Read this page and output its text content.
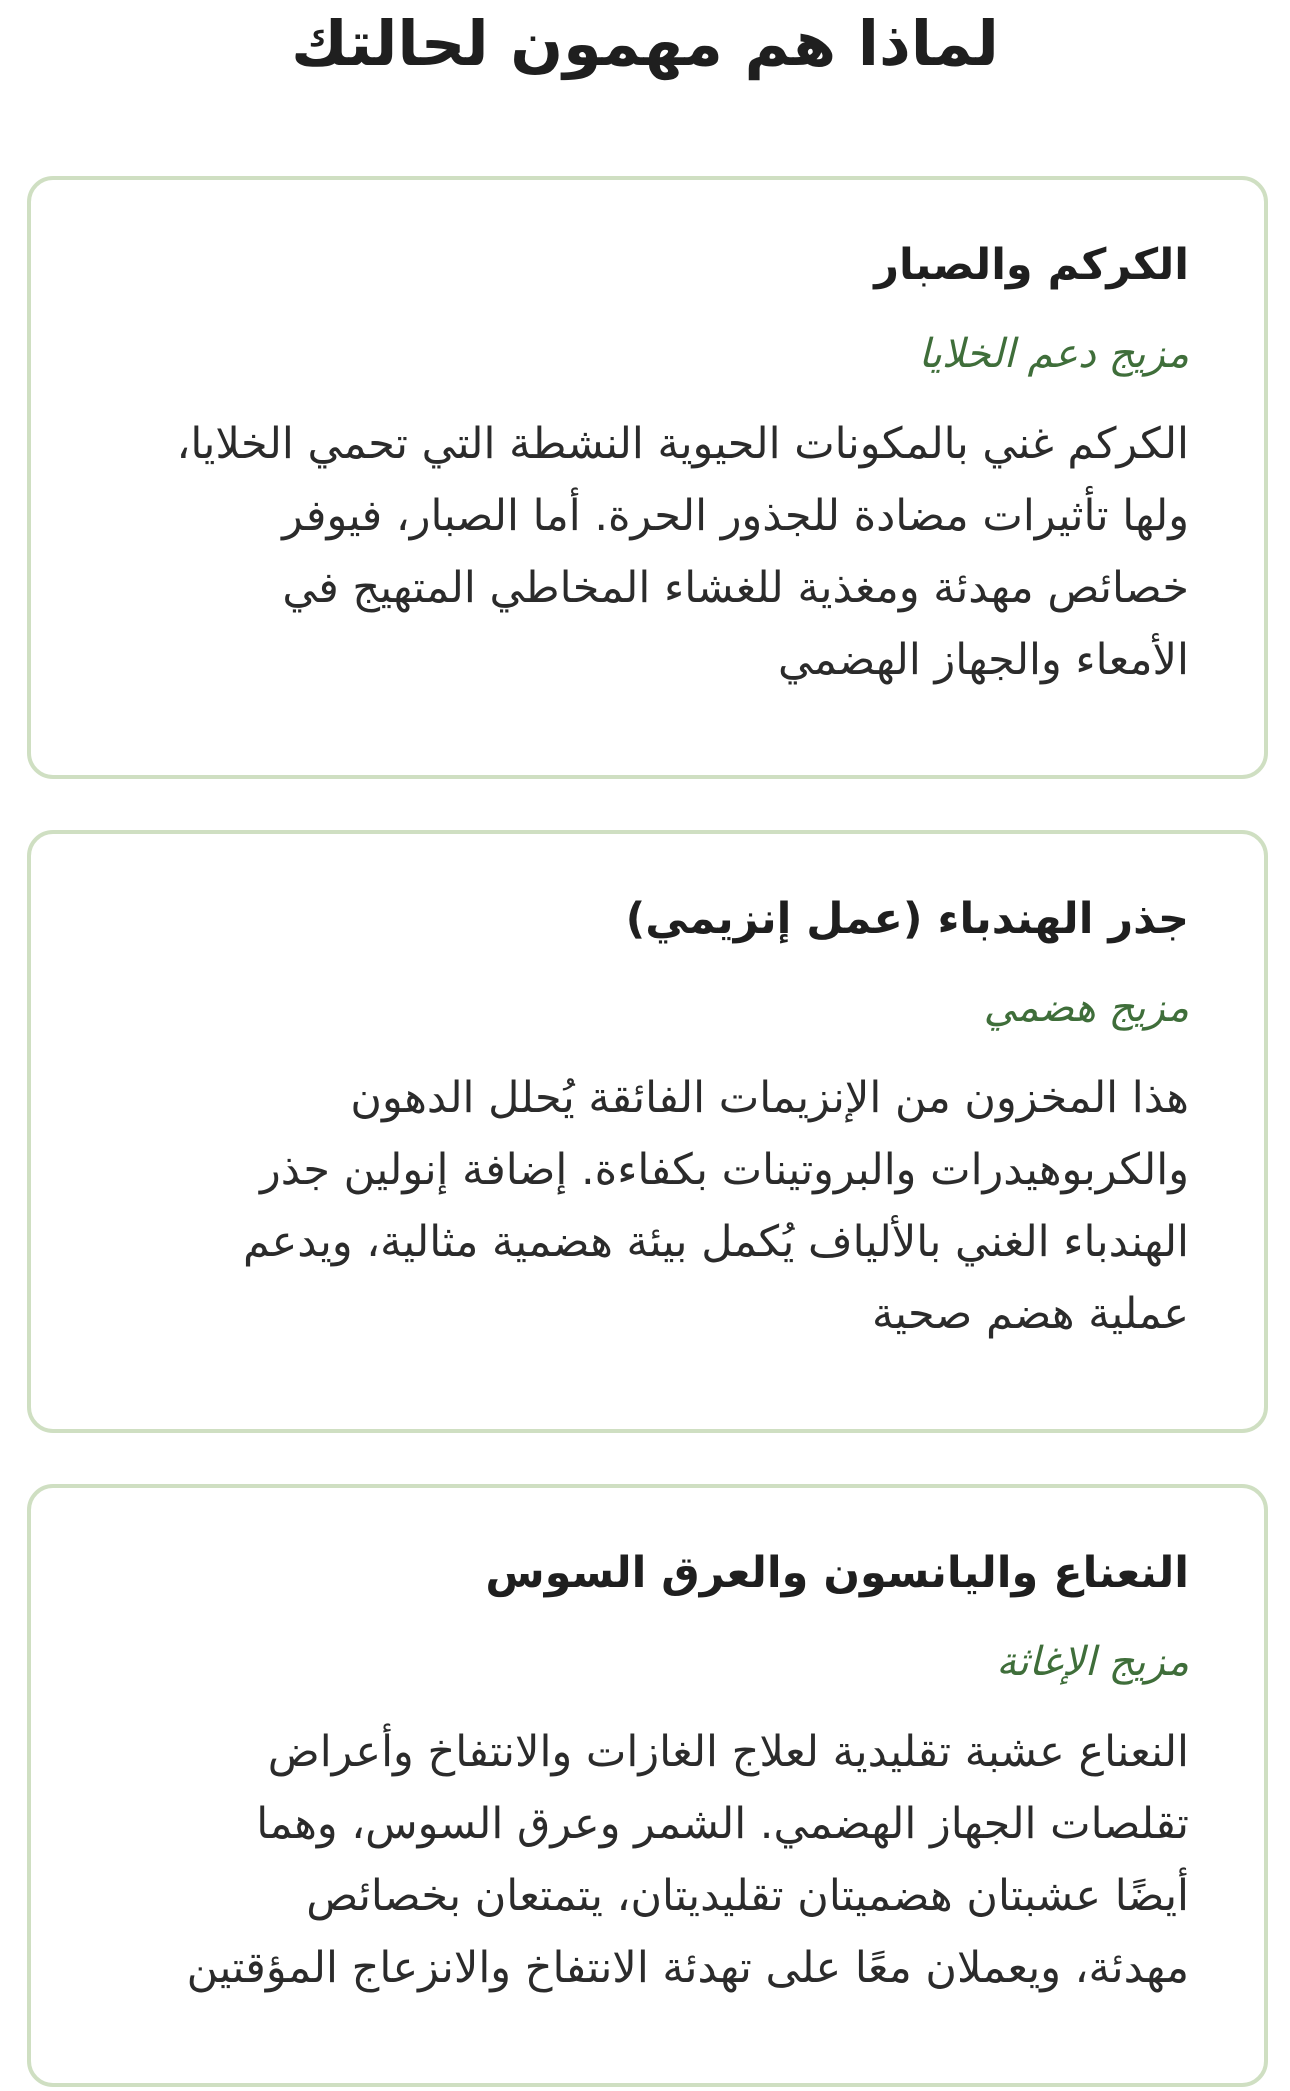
لماذا هم مهمون لحالتك
الكركم والصبار

مزيج دعم الخلايا

الكركم غني بالمكونات الحيوية النشطة التي تحمي الخلايا،
ولها تأثيرات مضادة للجذور الحرة. أما الصبار، فيوفر
خصائص مهدئة ومغذية للغشاء المخاطي المتهيج في
الأمعاء والجهاز الهضمي

جذر الهندباء (عمل إنزيمي)

مزيج هضمي

هذا المخزون من الإنزيمات الفائقة يُحلل الدهون
والكربوهيدرات والبروتينات بكفاءة. إضافة إنولين جذر
الهندباء الغني بالألياف يُكمل بيئة هضمية مثالية، ويدعم
عملية هضم صحية

النعناع واليانسون والعرق السوس

مزيج الإغاثة

النعناع عشبة تقليدية لعلاج الغازات والانتفاخ وأعراض
تقلصات الجهاز الهضمي. الشمر وعرق السوس، وهما
أيضًا عشبتان هضميتان تقليديتان، يتمتعان بخصائص
مهدئة، ويعملان معًا على تهدئة الانتفاخ والانزعاج المؤقتين
